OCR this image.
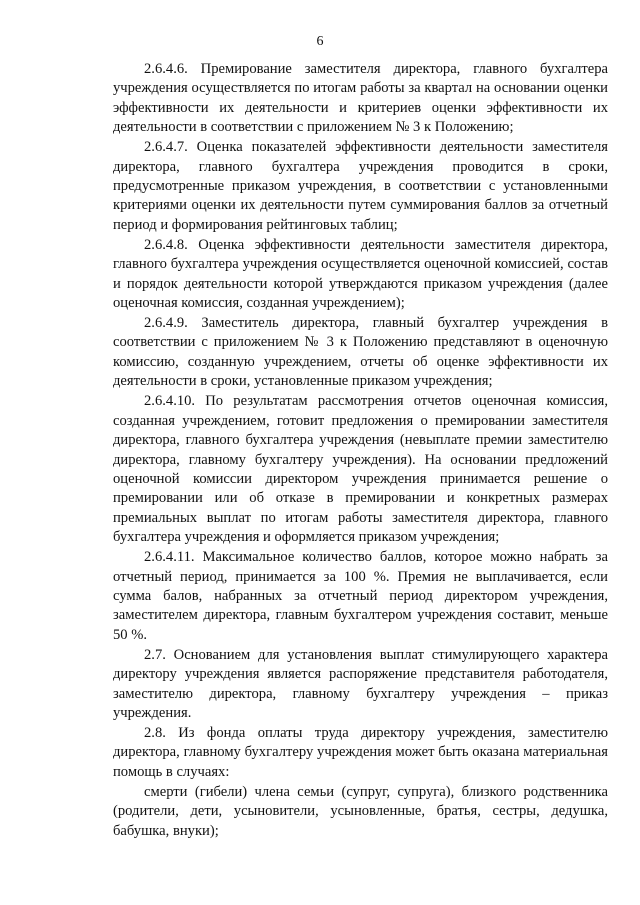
6

2.6.4.6. Премирование заместителя директора, главного бухгалтера учреждения осуществляется по итогам работы за квартал на основании оценки эффективности их деятельности и критериев оценки эффективности их деятельности в соответствии с приложением № 3 к Положению;

2.6.4.7. Оценка показателей эффективности деятельности заместителя директора, главного бухгалтера учреждения проводится в сроки, предусмотренные приказом учреждения, в соответствии с установленными критериями оценки их деятельности путем суммирования баллов за отчетный период и формирования рейтинговых таблиц;

2.6.4.8. Оценка эффективности деятельности заместителя директора, главного бухгалтера учреждения осуществляется оценочной комиссией, состав и порядок деятельности которой утверждаются приказом учреждения (далее оценочная комиссия, созданная учреждением);

2.6.4.9. Заместитель директора, главный бухгалтер учреждения в соответствии с приложением № 3 к Положению представляют в оценочную комиссию, созданную учреждением, отчеты об оценке эффективности их деятельности в сроки, установленные приказом учреждения;

2.6.4.10. По результатам рассмотрения отчетов оценочная комиссия, созданная учреждением, готовит предложения о премировании заместителя директора, главного бухгалтера учреждения (невыплате премии заместителю директора, главному бухгалтеру учреждения). На основании предложений оценочной комиссии директором учреждения принимается решение о премировании или об отказе в премировании и конкретных размерах премиальных выплат по итогам работы заместителя директора, главного бухгалтера учреждения и оформляется приказом учреждения;

2.6.4.11. Максимальное количество баллов, которое можно набрать за отчетный период, принимается за 100 %. Премия не выплачивается, если сумма балов, набранных за отчетный период директором учреждения, заместителем директора, главным бухгалтером учреждения составит, меньше 50 %.

2.7. Основанием для установления выплат стимулирующего характера директору учреждения является распоряжение представителя работодателя, заместителю директора, главному бухгалтеру учреждения – приказ учреждения.

2.8. Из фонда оплаты труда директору учреждения, заместителю директора, главному бухгалтеру учреждения может быть оказана материальная помощь в случаях:

смерти (гибели) члена семьи (супруг, супруга), близкого родственника (родители, дети, усыновители, усыновленные, братья, сестры, дедушка, бабушка, внуки);
